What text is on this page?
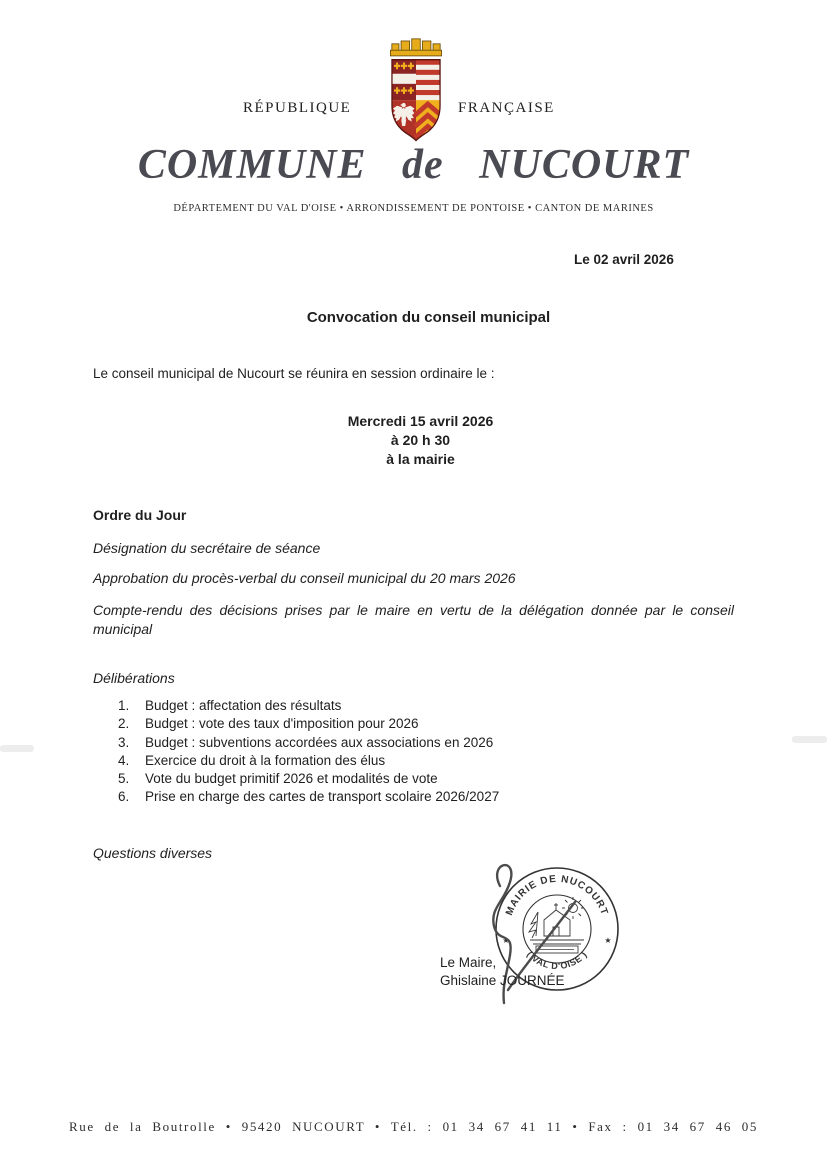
RÉPUBLIQUE	FRANÇAISE
COMMUNE de NUCOURT
DÉPARTEMENT DU VAL D'OISE • ARRONDISSEMENT DE PONTOISE • CANTON DE MARINES
Le 02 avril 2026
Convocation du conseil municipal
Le conseil municipal de Nucourt se réunira en session ordinaire le :
Mercredi 15 avril 2026
à 20 h 30
à la mairie
Ordre du Jour
Désignation du secrétaire de séance
Approbation du procès-verbal du conseil municipal du 20 mars 2026
Compte-rendu des décisions prises par le maire en vertu de la délégation donnée par le conseil municipal
Délibérations
Budget : affectation des résultats
Budget : vote des taux d'imposition pour 2026
Budget : subventions accordées aux associations en 2026
Exercice du droit à la formation des élus
Vote du budget primitif 2026 et modalités de vote
Prise en charge des cartes de transport scolaire 2026/2027
Questions diverses
MAIRIE DE NUCOURT
( VAL D'OISE )
★	★
Le Maire,
Ghislaine JOURNÉE
Rue de la Boutrolle • 95420 NUCOURT • Tél. : 01 34 67 41 11 • Fax : 01 34 67 46 05
